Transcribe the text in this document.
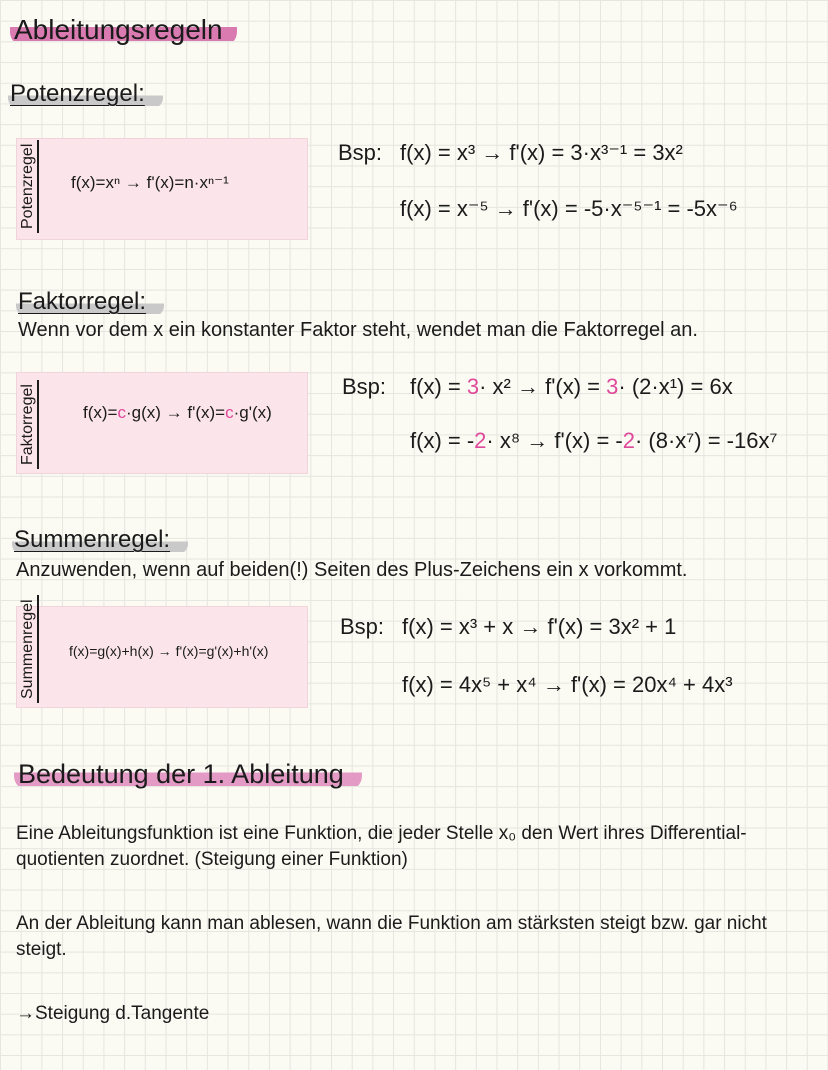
Ableitungsregeln
Potenzregel:
Potenzregel f(x)=xⁿ → f'(x)=n·xⁿ⁻¹
Bsp: f(x) = x³ → f'(x) = 3·x³⁻¹ = 3x²
f(x) = x⁻⁵ → f'(x) = -5·x⁻⁵⁻¹ = -5x⁻⁶
Faktorregel:
Wenn vor dem x ein konstanter Faktor steht, wendet man die Faktorregel an.
Faktorregel	f(x)=c·g(x) → f'(x)=c·g'(x)
Bsp: f(x) = 3· x² → f'(x) = 3· (2·x¹) = 6x
f(x) = -2· x⁸ → f'(x) = -2· (8·x⁷) = -16x⁷
Summenregel:
Anzuwenden, wenn auf beiden(!) Seiten des Plus-Zeichens ein x vorkommt.
Summenregel f(x)=g(x)+h(x) → f'(x)=g'(x)+h'(x)
Bsp: f(x) = x³ + x → f'(x) = 3x² + 1
f(x) = 4x⁵ + x⁴ → f'(x) = 20x⁴ + 4x³
Bedeutung der 1. Ableitung
Eine Ableitungsfunktion ist eine Funktion, die jeder Stelle x₀ den Wert ihres Differential-
quotienten zuordnet. (Steigung einer Funktion)
An der Ableitung kann man ablesen, wann die Funktion am stärksten steigt bzw. gar nicht
steigt.
→Steigung d.Tangente
